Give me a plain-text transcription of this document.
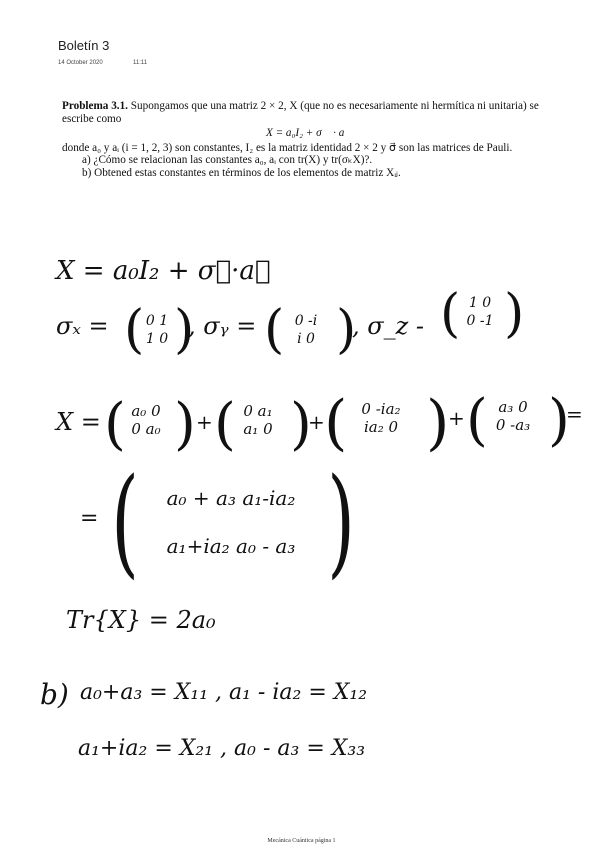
Boletín 3
14 October 2020	11:11
Problema 3.1. Supongamos que una matriz 2 × 2, X (que no es necesariamente ni hermítica ni unitaria) se escribe como
X = a₀I₂ + σ⃗ · a⃗
donde a₀ y aᵢ (i = 1, 2, 3) son constantes, I₂ es la matriz identidad 2 × 2 y σ⃗ son las matrices de Pauli.
a) ¿Cómo se relacionan las constantes a₀, aᵢ con tr(X) y tr(σₖX)?.
b) Obtened estas constantes en términos de los elementos de matriz Xᵢⱼ.
X = a₀I₂ + σ⃗·a⃗
σₓ = ( 0 1
1 0 )
, σᵧ = ( 0 -i
i 0 )
, σ_z - ( 1 0
0 -1 )
X = ( a₀ 0
0 a₀ ) + ( 0 a₁
a₁ 0 )
+ ( 0 -ia₂
ia₂ 0 )
+ ( a₃ 0
0 -a₃ )
=
= (	a₀ + a₃ a₁-ia₂
a₁+ia₂ a₀ - a₃ )
Tr{X} = 2a₀
b) a₀+a₃ = X₁₁ , a₁ - ia₂ = X₁₂
a₁+ia₂ = X₂₁ , a₀ - a₃ = X₃₃
Mecánica Cuántica página 1
